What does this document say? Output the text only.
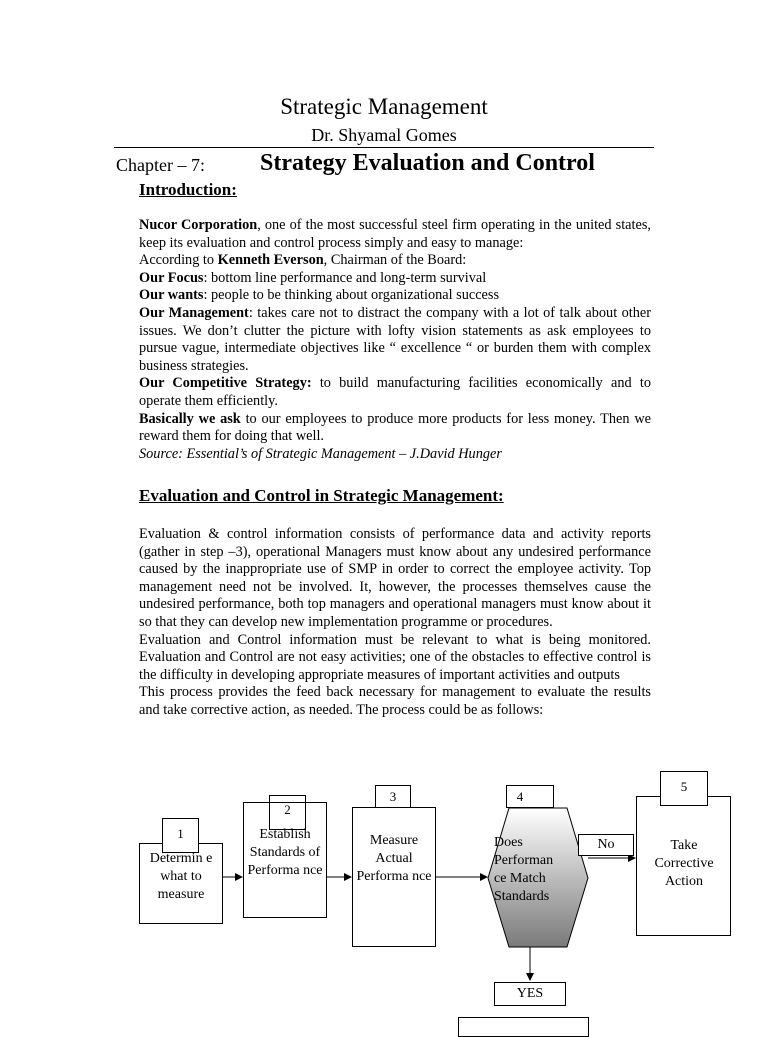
Strategic Management
Dr. Shyamal Gomes
Chapter – 7: Strategy Evaluation and Control
Introduction:

Nucor Corporation, one of the most successful steel firm operating in the united states, keep its evaluation and control process simply and easy to manage:

According to Kenneth Everson, Chairman of the Board:

Our Focus: bottom line performance and long-term survival

Our wants: people to be thinking about organizational success

Our Management: takes care not to distract the company with a lot of talk about other issues. We don’t clutter the picture with lofty vision statements as ask employees to pursue vague, intermediate objectives like “ excellence “ or burden them with complex business strategies.

Our Competitive Strategy: to build manufacturing facilities economically and to operate them efficiently.

Basically we ask to our employees to produce more products for less money. Then we reward them for doing that well.

Source: Essential’s of Strategic Management – J.David Hunger

Evaluation and Control in Strategic Management:

Evaluation & control information consists of performance data and activity reports (gather in step –3), operational Managers must know about any undesired performance caused by the inappropriate use of SMP in order to correct the employee activity. Top management need not be involved. It, however, the processes themselves cause the undesired performance, both top managers and operational managers must know about it so that they can develop new implementation programme or procedures.

Evaluation and Control information must be relevant to what is being monitored. Evaluation and Control are not easy activities; one of the obstacles to effective control is the difficulty in developing appropriate measures of important activities and outputs

This process provides the feed back necessary for management to evaluate the results and take corrective action, as needed. The process could be as follows:

1
Determin e what to measure
Establish Standards of Performa nce
2
3
Measure Actual Performa nce
4
Does Performan ce Match Standards
No
5
Take Corrective Action
YES
